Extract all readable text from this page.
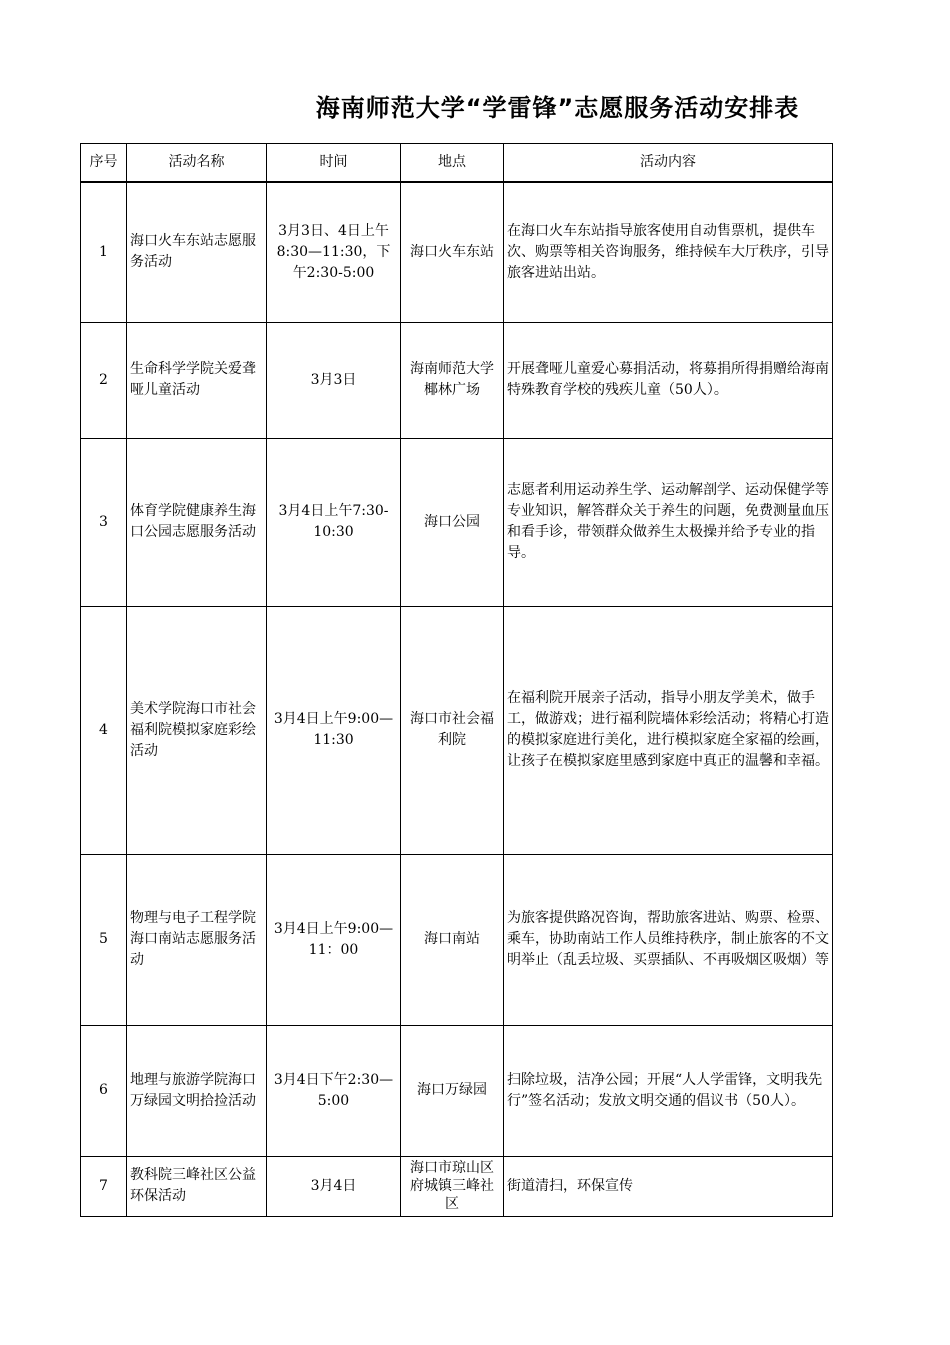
海南师范大学“学雷锋”志愿服务活动安排表
序号	活动名称	时间	地点	活动内容
1	海口火车东站志愿服务活动	3月3日、4日上午8:30—11:30，下午2:30-5:00	海口火车东站	在海口火车东站指导旅客使用自动售票机，提供车次、购票等相关咨询服务，维持候车大厅秩序，引导旅客进站出站。
2	生命科学学院关爱聋哑儿童活动	3月3日	海南师范大学椰林广场	开展聋哑儿童爱心募捐活动，将募捐所得捐赠给海南特殊教育学校的残疾儿童（50人）。
3	体育学院健康养生海口公园志愿服务活动	3月4日上午7:30-10:30	海口公园	志愿者利用运动养生学、运动解剖学、运动保健学等专业知识，解答群众关于养生的问题，免费测量血压和看手诊，带领群众做养生太极操并给予专业的指导。
4	美术学院海口市社会福利院模拟家庭彩绘活动	3月4日上午9:00—11:30	海口市社会福利院	在福利院开展亲子活动，指导小朋友学美术，做手工，做游戏；进行福利院墙体彩绘活动；将精心打造的模拟家庭进行美化，进行模拟家庭全家福的绘画，让孩子在模拟家庭里感到家庭中真正的温馨和幸福。
5	物理与电子工程学院海口南站志愿服务活动	3月4日上午9:00—11：00	海口南站	为旅客提供路况咨询，帮助旅客进站、购票、检票、乘车，协助南站工作人员维持秩序，制止旅客的不文明举止（乱丢垃圾、买票插队、不再吸烟区吸烟）等
6	地理与旅游学院海口万绿园文明拾捡活动	3月4日下午2:30—5:00	海口万绿园	扫除垃圾，洁净公园；开展“人人学雷锋，文明我先行”签名活动；发放文明交通的倡议书（50人）。
7	教科院三峰社区公益环保活动	3月4日	海口市琼山区府城镇三峰社区	街道清扫，环保宣传
